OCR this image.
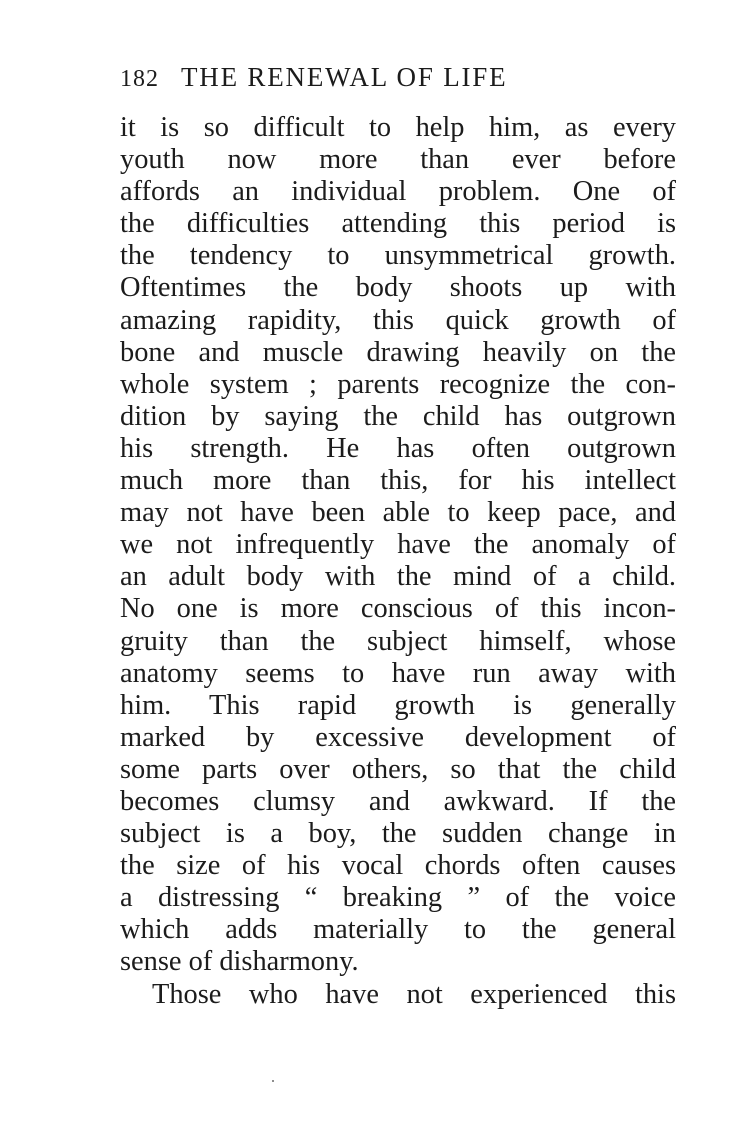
182 THE RENEWAL OF LIFE
it is so difficult to help him, as every
youth now more than ever before
affords an individual problem. One of
the difficulties attending this period is
the tendency to unsymmetrical growth.
Oftentimes the body shoots up with
amazing rapidity, this quick growth of
bone and muscle drawing heavily on the
whole system ; parents recognize the con-
dition by saying the child has outgrown
his strength. He has often outgrown
much more than this, for his intellect
may not have been able to keep pace, and
we not infrequently have the anomaly of
an adult body with the mind of a child.
No one is more conscious of this incon-
gruity than the subject himself, whose
anatomy seems to have run away with
him. This rapid growth is generally
marked by excessive development of
some parts over others, so that the child
becomes clumsy and awkward. If the
subject is a boy, the sudden change in
the size of his vocal chords often causes
a distressing “ breaking ” of the voice
which adds materially to the general
sense of disharmony.
Those who have not experienced this
